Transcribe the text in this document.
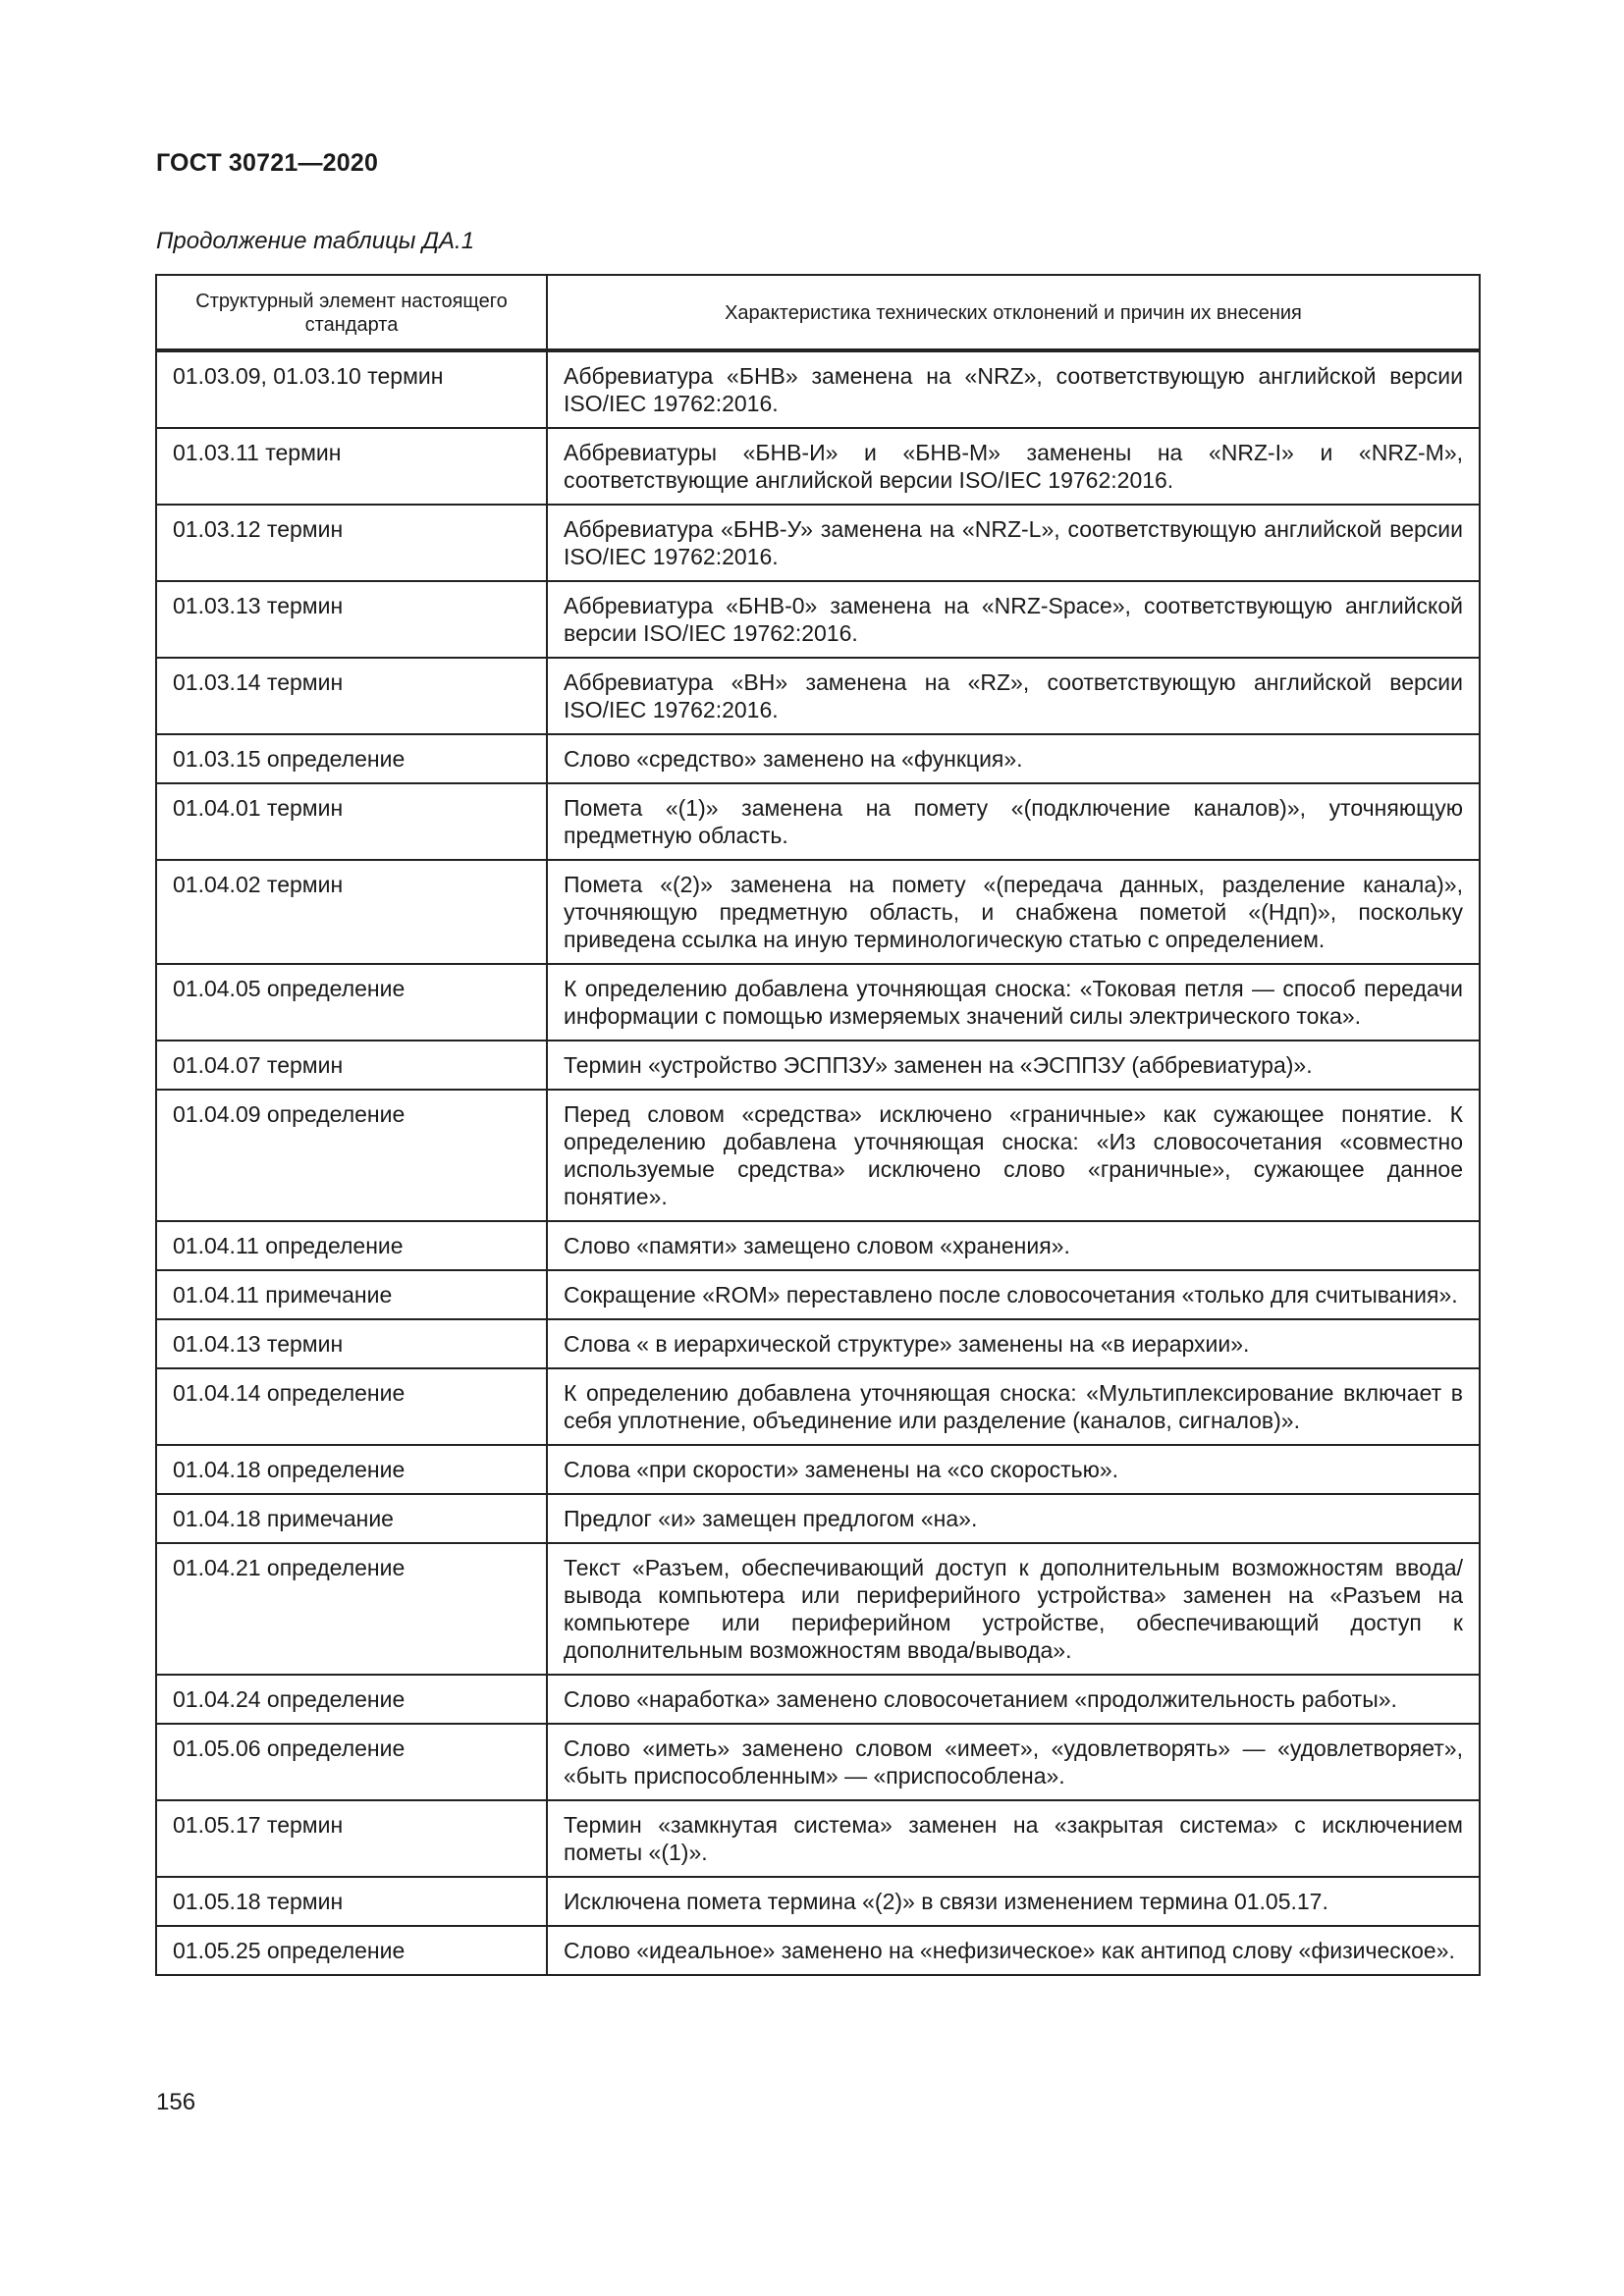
ГОСТ 30721—2020
Продолжение таблицы ДА.1
Структурный элемент настоящего стандарта	Характеристика технических отклонений и причин их внесения
01.03.09, 01.03.10 термин	Аббревиатура «БНВ» заменена на «NRZ», соответствующую английской версии ISO/IEC 19762:2016.
01.03.11 термин	Аббревиатуры «БНВ-И» и «БНВ-М» заменены на «NRZ-I» и «NRZ-M», соответствующие английской версии ISO/IEC 19762:2016.
01.03.12 термин	Аббревиатура «БНВ-У» заменена на «NRZ-L», соответствующую английской версии ISO/IEC 19762:2016.
01.03.13 термин	Аббревиатура «БНВ-0» заменена на «NRZ-Space», соответствующую английской версии ISO/IEC 19762:2016.
01.03.14 термин	Аббревиатура «ВН» заменена на «RZ», соответствующую английской версии ISO/IEC 19762:2016.
01.03.15 определение	Слово «средство» заменено на «функция».
01.04.01 термин	Помета «(1)» заменена на помету «(подключение каналов)», уточняющую предметную область.
01.04.02 термин	Помета «(2)» заменена на помету «(передача данных, разделение канала)», уточняющую предметную область, и снабжена пометой «(Ндп)», поскольку приведена ссылка на иную терминологическую статью с определением.
01.04.05 определение	К определению добавлена уточняющая сноска: «Токовая петля — способ передачи информации с помощью измеряемых значений силы электрического тока».
01.04.07 термин	Термин «устройство ЭСППЗУ» заменен на «ЭСППЗУ (аббревиатура)».
01.04.09 определение	Перед словом «средства» исключено «граничные» как сужающее понятие. К определению добавлена уточняющая сноска: «Из словосочетания «совместно используемые средства» исключено слово «граничные», сужающее данное понятие».
01.04.11 определение	Слово «памяти» замещено словом «хранения».
01.04.11 примечание	Сокращение «ROM» переставлено после словосочетания «только для считывания».
01.04.13 термин	Слова « в иерархической структуре» заменены на «в иерархии».
01.04.14 определение	К определению добавлена уточняющая сноска: «Мультиплексирование включает в себя уплотнение, объединение или разделение (каналов, сигналов)».
01.04.18 определение	Слова «при скорости» заменены на «со скоростью».
01.04.18 примечание	Предлог «и» замещен предлогом «на».
01.04.21 определение	Текст «Разъем, обеспечивающий доступ к дополнительным возможностям ввода/вывода компьютера или периферийного устройства» заменен на «Разъем на компьютере или периферийном устройстве, обеспечивающий доступ к дополнительным возможностям ввода/вывода».
01.04.24 определение	Слово «наработка» заменено словосочетанием «продолжительность работы».
01.05.06 определение	Слово «иметь» заменено словом «имеет», «удовлетворять» — «удовлетворяет», «быть приспособленным» — «приспособлена».
01.05.17 термин	Термин «замкнутая система» заменен на «закрытая система» с исключением пометы «(1)».
01.05.18 термин	Исключена помета термина «(2)» в связи изменением термина 01.05.17.
01.05.25 определение	Слово «идеальное» заменено на «нефизическое» как антипод слову «физическое».
156
